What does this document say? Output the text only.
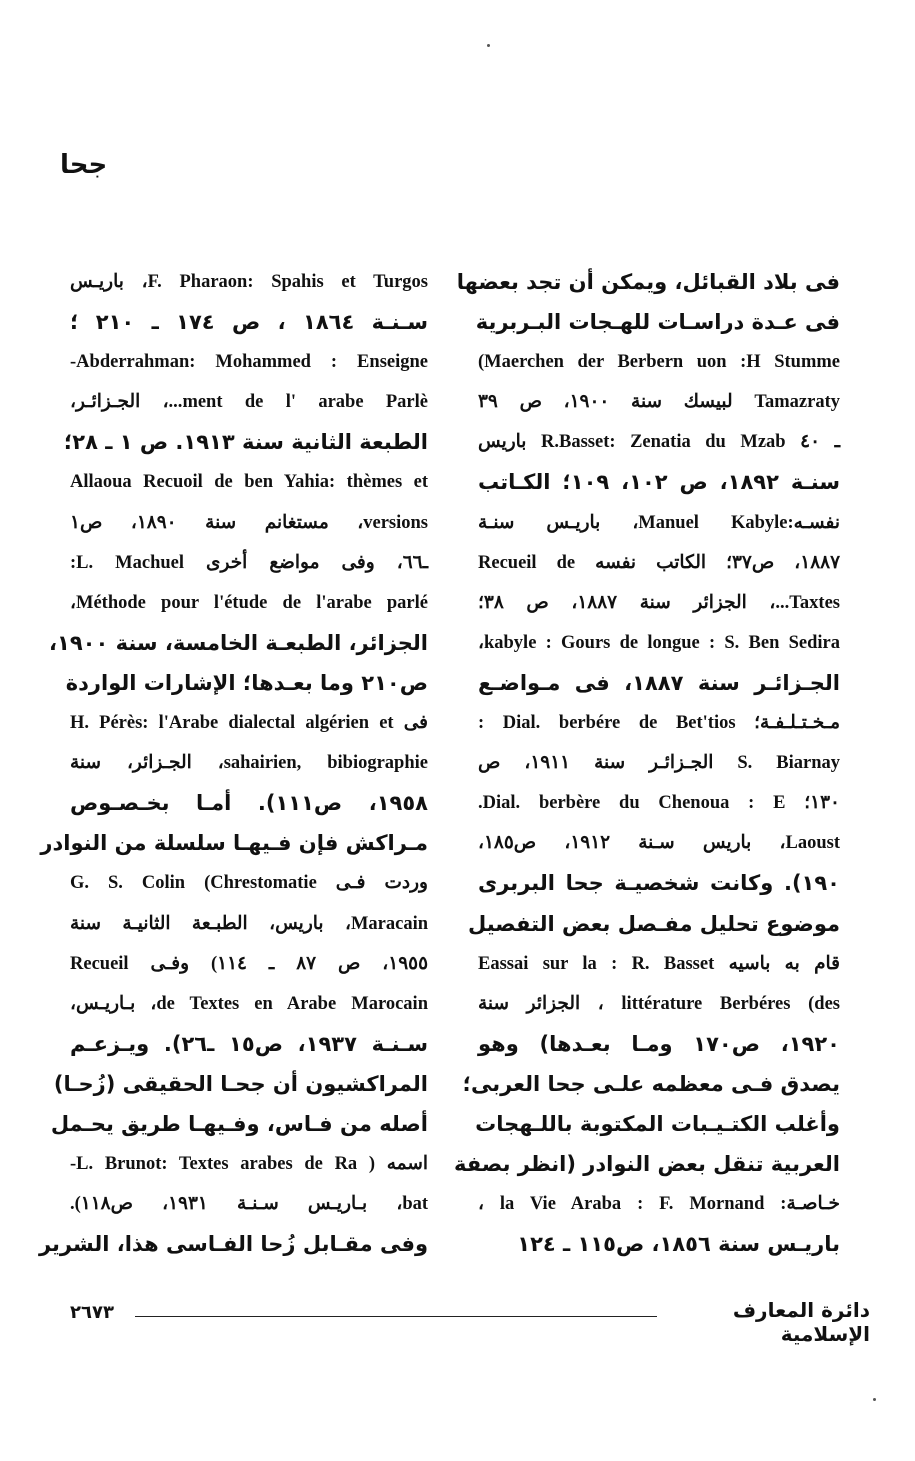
جحا
فى بلاد القبائل، ويمكن أن تجد بعضها
فى عـدة دراسـات للهـجات البـربرية
Maerchen der Berbern uon :H Stumme)
Tamazraty لبيسك سنة ١٩٠٠، ص ٣٩
ـ ٤٠ R.Basset: Zenatia du Mzab باريس
سنـة ١٨٩٢، ص ١٠٢، ١٠٩؛ الكـاتب
نفسـه:Manuel Kabyle، باريـس سنـة
١٨٨٧، ص٣٧؛ الكاتب نفسه Recueil de
Taxtes...، الجزائر سنة ١٨٨٧، ص ٣٨؛
kabyle : Gours de longue : S. Ben Sedira،
الجـزائـر سنة ١٨٨٧، فى مـواضـع
مـخـتـلـفـة؛ Dial. berbére de Bet'tios :
S. Biarnay الجـزائـر سنة ١٩١١، ص
١٣٠؛ Dial. berbère du Chenoua : E.
Laoust، باريس سـنة ١٩١٢، ص١٨٥،
١٩٠). وكانت شخصيـة جحا البربرى
موضوع تحليل مفـصل بعض التفصيل
قام به باسيه Eassai sur la : R. Basset
littérature Berbéres (des ، الجزائر سنة
١٩٢٠، ص١٧٠ ومـا بعـدها) وهو
يصدق فـى معظمه علـى جحا العربى؛
وأغلب الكتـيـبات المكتوبة باللـهجات
العربية تنقل بعض النوادر (انظر بصفة
خـاصـة: la Vie Araba : F. Mornand ،
باريـس سنة ١٨٥٦، ص١١٥ ـ ١٢٤
F. Pharaon: Spahis et Turgos، باريـس
سـنـة ١٨٦٤ ، ص ١٧٤ ـ ٢١٠ ؛
Abderrahman: Mohammed : Enseigne-
ment de l' arabe Parlè...، الجـزائـر،
الطبعة الثانية سنة ١٩١٣. ص ١ ـ ٢٨؛
Allaoua Recuoil de ben Yahia: thèmes et
versions، مستغانم سنة ١٨٩٠، ص١
ـ٦٦، وفى مواضع أخرى L. Machuel:
Méthode pour l'étude de l'arabe parlé،
الجزائر، الطبعـة الخامسة، سنة ١٩٠٠،
ص٢١٠ وما بعـدها؛ الإشارات الواردة
فى H. Pérès: l'Arabe dialectal algérien et
sahairien, bibiographie، الجـزائر، سنة
١٩٥٨، ص١١١). أمـا بخـصـوص
مـراكش فإن فـيهـا سلسلة من النوادر
وردت فـى G. S. Colin (Chrestomatie
Maracain، باريس، الطبـعة الثانيـة سنة
١٩٥٥، ص ٨٧ ـ ١١٤) وفـى Recueil
de Textes en Arabe Marocain، بـاريـس،
سـنـة ١٩٣٧، ص١٥ ـ٢٦). ويـزعـم
المراكشيون أن جحـا الحقيقى (زُحـا)
أصله من فـاس، وفـيهـا طريق يحـمل
اسمه ( L. Brunot: Textes arabes de Ra-
bat، بـاريـس سـنـة ١٩٣١، ص١١٨).
وفى مقـابل زُحا الفـاسى هذا، الشرير
دائرة المعارف الإسلامية
٢٦٧٣
